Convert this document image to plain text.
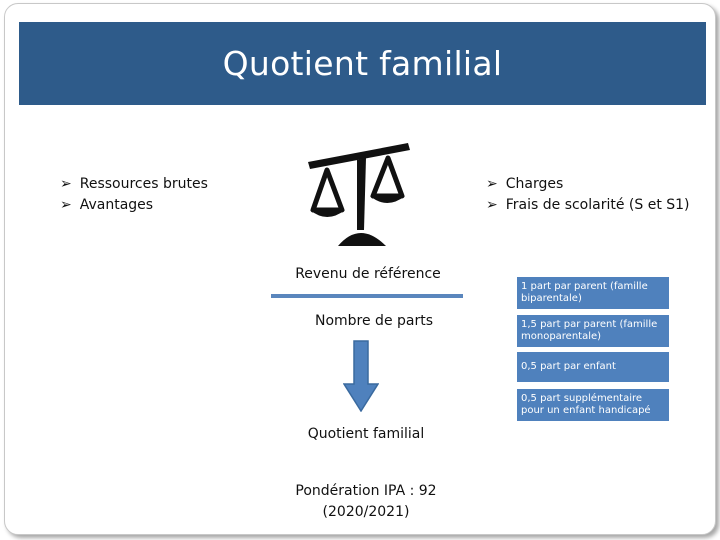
Quotient familial
➢ Ressources brutes
➢ Avantages
➢ Charges
➢ Frais de scolarité (S et S1)
Revenu de référence
Nombre de parts
Quotient familial
Pondération IPA : 92 (2020/2021)
1 part par parent (famille biparentale)
1,5 part par parent (famille monoparentale)
0,5 part par enfant
0,5 part supplémentaire pour un enfant handicapé
